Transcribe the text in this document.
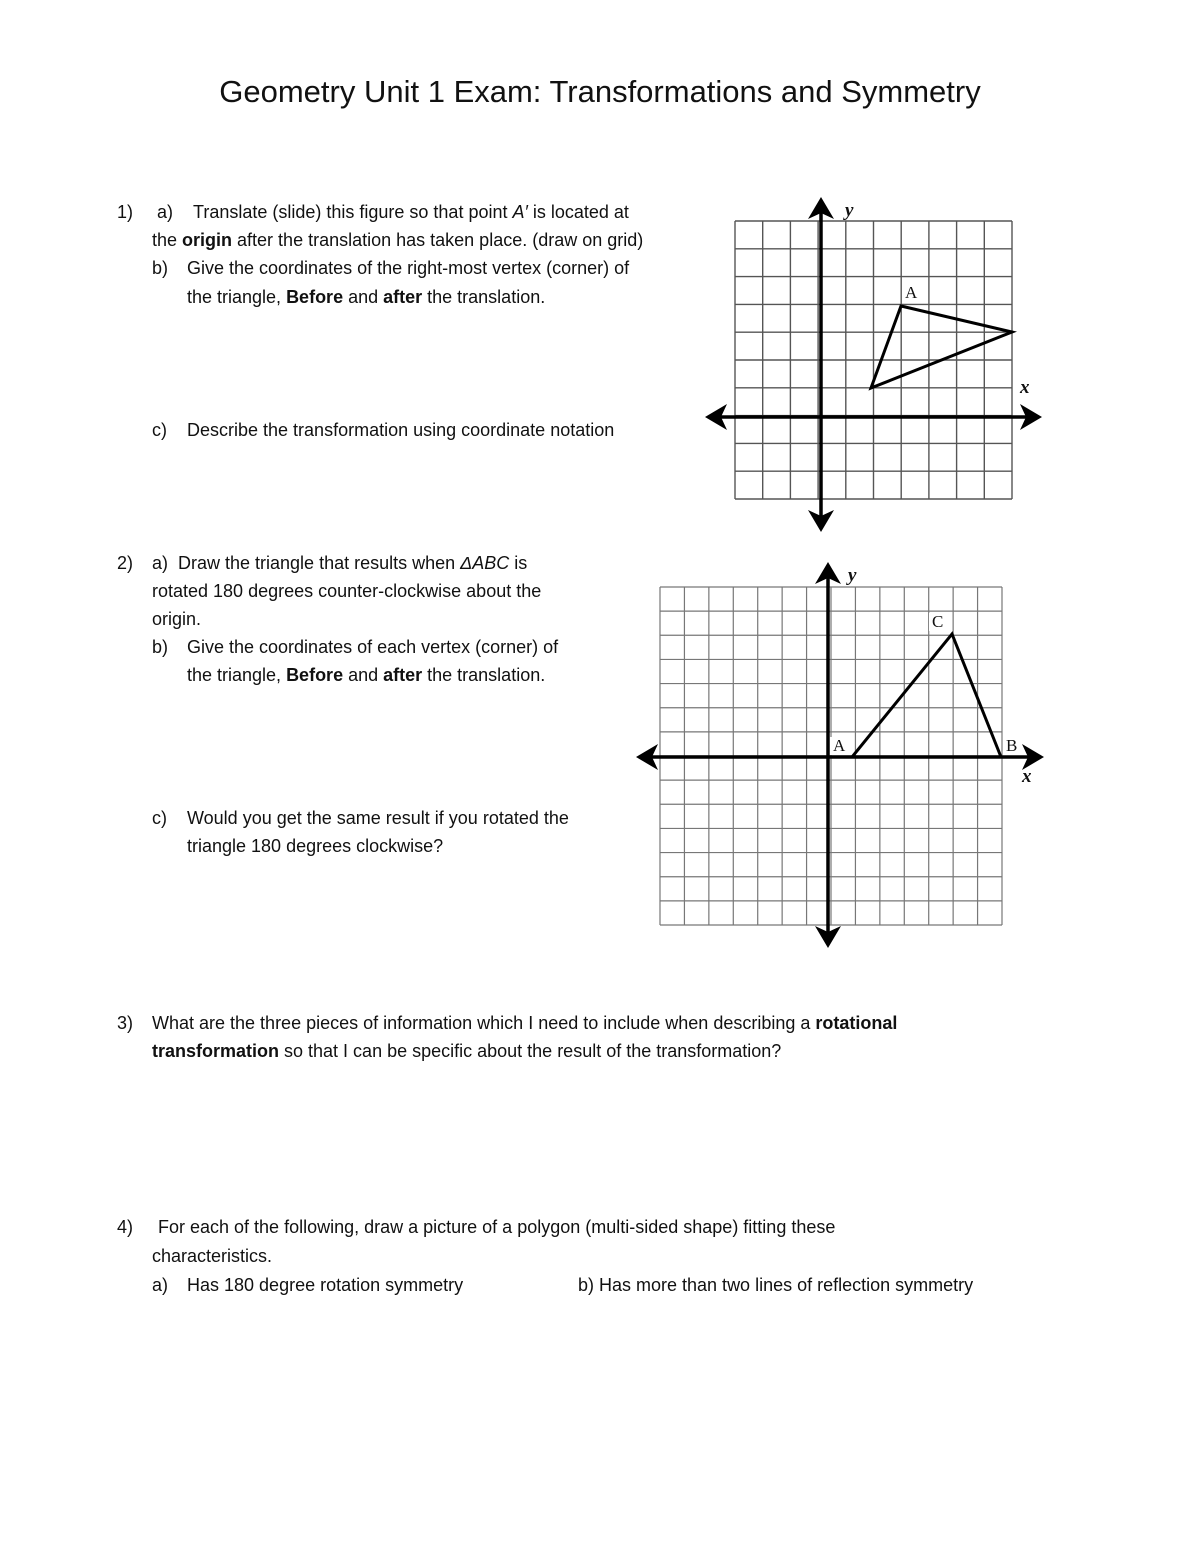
Geometry Unit 1 Exam: Transformations and Symmetry
1) a) Translate (slide) this figure so that point A′ is located at
the origin after the translation has taken place. (draw on grid)
b) Give the coordinates of the right-most vertex (corner) of
the triangle, Before and after the translation.
c) Describe the transformation using coordinate notation
A
x
y
2) a) Draw the triangle that results when ΔABC is
rotated 180 degrees counter-clockwise about the
origin.
b) Give the coordinates of each vertex (corner) of
the triangle, Before and after the translation.
c) Would you get the same result if you rotated the
triangle 180 degrees clockwise?
A	B
C
x
y
3) What are the three pieces of information which I need to include when describing a rotational
transformation so that I can be specific about the result of the transformation?
4) For each of the following, draw a picture of a polygon (multi-sided shape) fitting these
characteristics.
a) Has 180 degree rotation symmetry	b) Has more than two lines of reflection symmetry
